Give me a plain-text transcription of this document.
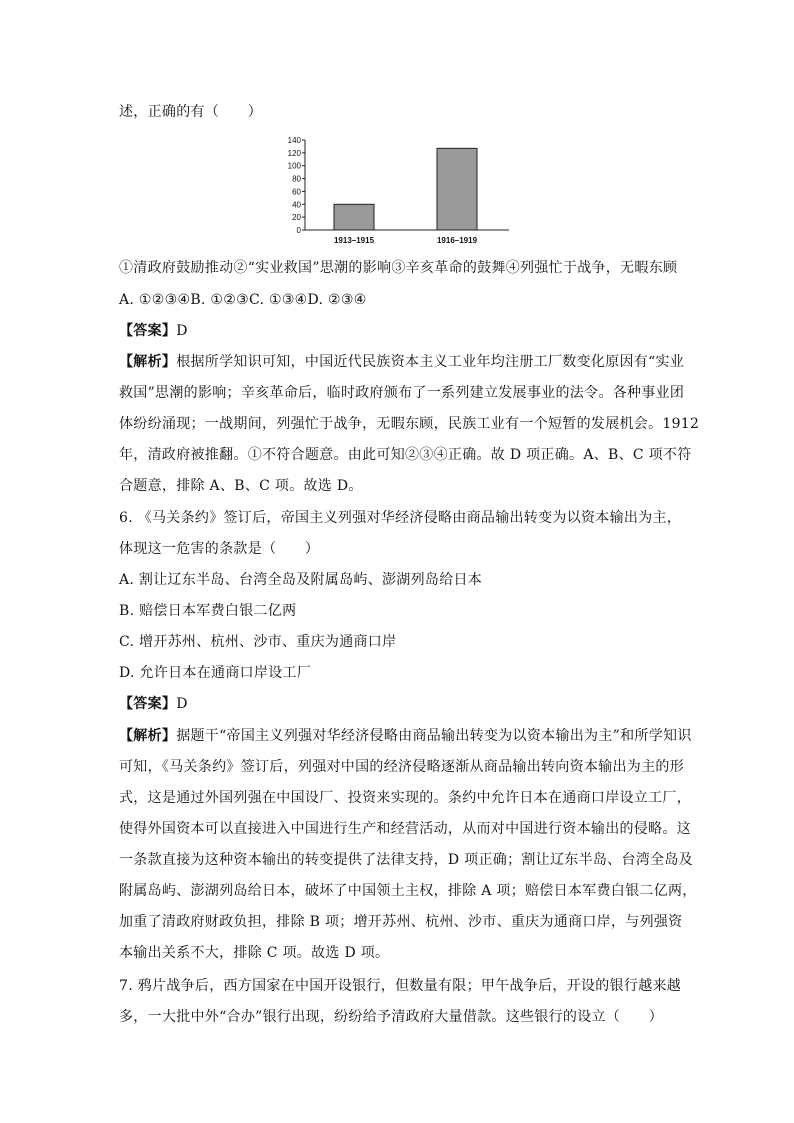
述，正确的有（　　）
0
20
40
60
80
100
120
140
1913–1915	1916–1919
①清政府鼓励推动②“实业救国”思潮的影响③辛亥革命的鼓舞④列强忙于战争，无暇东顾
A. ①②③④B. ①②③C. ①③④D. ②③④
【答案】D
【解析】根据所学知识可知，中国近代民族资本主义工业年均注册工厂数变化原因有“实业
救国”思潮的影响；辛亥革命后，临时政府颁布了一系列建立发展事业的法令。各种事业团
体纷纷涌现；一战期间，列强忙于战争，无暇东顾，民族工业有一个短暂的发展机会。1912
年，清政府被推翻。①不符合题意。由此可知②③④正确。故 D 项正确。A、B、C 项不符
合题意，排除 A、B、C 项。故选 D。
6. 《马关条约》签订后，帝国主义列强对华经济侵略由商品输出转变为以资本输出为主，
体现这一危害的条款是（　　）
A. 割让辽东半岛、台湾全岛及附属岛屿、澎湖列岛给日本
B. 赔偿日本军费白银二亿两
C. 增开苏州、杭州、沙市、重庆为通商口岸
D. 允许日本在通商口岸设工厂
【答案】D
【解析】据题干“帝国主义列强对华经济侵略由商品输出转变为以资本输出为主”和所学知识
可知，《马关条约》签订后，列强对中国的经济侵略逐渐从商品输出转向资本输出为主的形
式，这是通过外国列强在中国设厂、投资来实现的。条约中允许日本在通商口岸设立工厂，
使得外国资本可以直接进入中国进行生产和经营活动，从而对中国进行资本输出的侵略。这
一条款直接为这种资本输出的转变提供了法律支持，D 项正确；割让辽东半岛、台湾全岛及
附属岛屿、澎湖列岛给日本，破坏了中国领土主权，排除 A 项；赔偿日本军费白银二亿两，
加重了清政府财政负担，排除 B 项；增开苏州、杭州、沙市、重庆为通商口岸，与列强资
本输出关系不大，排除 C 项。故选 D 项。
7. 鸦片战争后，西方国家在中国开设银行，但数量有限；甲午战争后，开设的银行越来越
多，一大批中外“合办”银行出现，纷纷给予清政府大量借款。这些银行的设立（　　）
